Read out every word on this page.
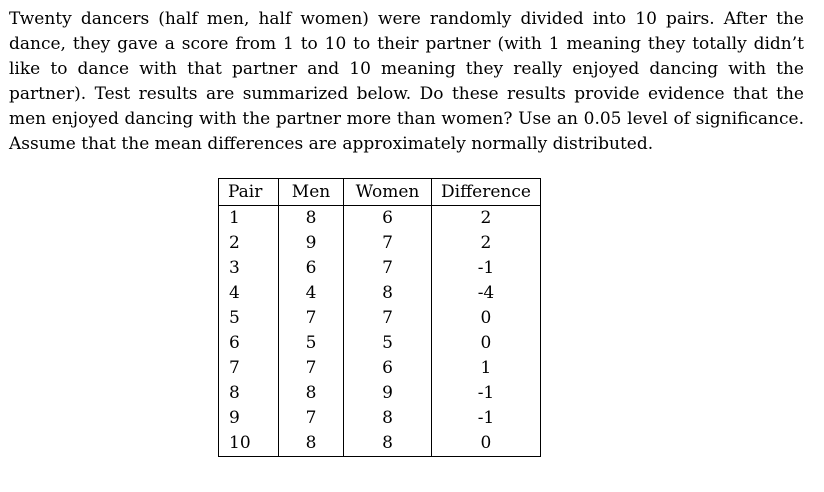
Twenty dancers (half men, half women) were randomly divided into 10 pairs. After the dance, they gave a score from 1 to 10 to their partner (with 1 meaning they totally didn’t like to dance with that partner and 10 meaning they really enjoyed dancing with the partner). Test results are summarized below. Do these results provide evidence that the men enjoyed dancing with the partner more than women? Use an 0.05 level of significance. Assume that the mean differences are approximately normally distributed.

Pair	Men	Women	Difference
1	8	6	2
2	9	7	2
3	6	7	-1
4	4	8	-4
5	7	7	0
6	5	5	0
7	7	6	1
8	8	9	-1
9	7	8	-1
10	8	8	0
